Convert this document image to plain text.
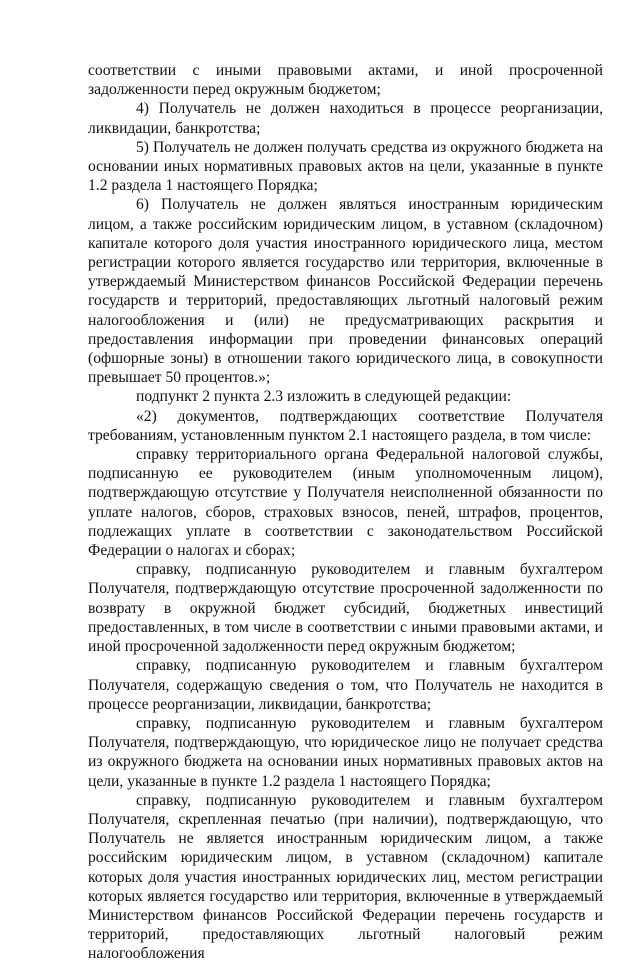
соответствии с иными правовыми актами, и иной просроченной задолженности перед окружным бюджетом;

4) Получатель не должен находиться в процессе реорганизации, ликвидации, банкротства;

5) Получатель не должен получать средства из окружного бюджета на основании иных нормативных правовых актов на цели, указанные в пункте 1.2 раздела 1 настоящего Порядка;

6) Получатель не должен являться иностранным юридическим лицом, а также российским юридическим лицом, в уставном (складочном) капитале которого доля участия иностранного юридического лица, местом регистрации которого является государство или территория, включенные в утверждаемый Министерством финансов Российской Федерации перечень государств и территорий, предоставляющих льготный налоговый режим налогообложения и (или) не предусматривающих раскрытия и предоставления информации при проведении финансовых операций (офшорные зоны) в отношении такого юридического лица, в совокупности превышает 50 процентов.»;

подпункт 2 пункта 2.3 изложить в следующей редакции:

«2) документов, подтверждающих соответствие Получателя требованиям, установленным пунктом 2.1 настоящего раздела, в том числе:

справку территориального органа Федеральной налоговой службы, подписанную ее руководителем (иным уполномоченным лицом), подтверждающую отсутствие у Получателя неисполненной обязанности по уплате налогов, сборов, страховых взносов, пеней, штрафов, процентов, подлежащих уплате в соответствии с законодательством Российской Федерации о налогах и сборах;

справку, подписанную руководителем и главным бухгалтером Получателя, подтверждающую отсутствие просроченной задолженности по возврату в окружной бюджет субсидий, бюджетных инвестиций предоставленных, в том числе в соответствии с иными правовыми актами, и иной просроченной задолженности перед окружным бюджетом;

справку, подписанную руководителем и главным бухгалтером Получателя, содержащую сведения о том, что Получатель не находится в процессе реорганизации, ликвидации, банкротства;

справку, подписанную руководителем и главным бухгалтером Получателя, подтверждающую, что юридическое лицо не получает средства из окружного бюджета на основании иных нормативных правовых актов на цели, указанные в пункте 1.2 раздела 1 настоящего Порядка;

справку, подписанную руководителем и главным бухгалтером Получателя, скрепленная печатью (при наличии), подтверждающую, что Получатель не является иностранным юридическим лицом, а также российским юридическим лицом, в уставном (складочном) капитале которых доля участия иностранных юридических лиц, местом регистрации которых является государство или территория, включенные в утверждаемый Министерством финансов Российской Федерации перечень государств и территорий, предоставляющих льготный налоговый режим налогообложения
